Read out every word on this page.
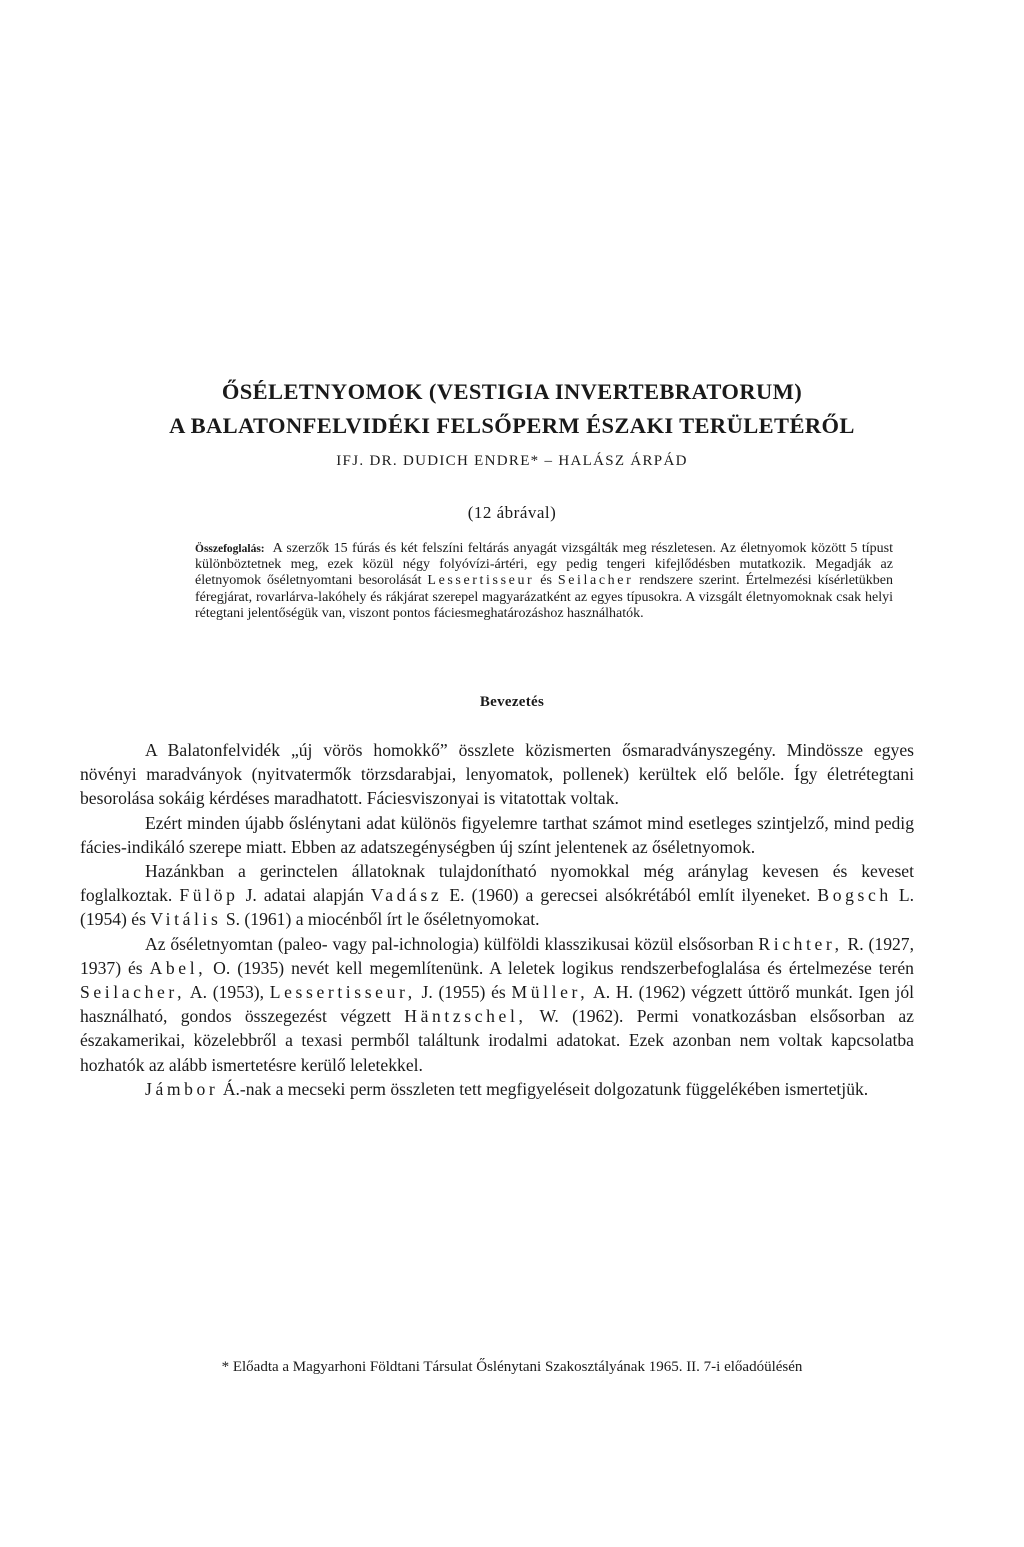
ŐSÉLETNYOMOK (VESTIGIA INVERTEBRATORUM)
A BALATONFELVIDÉKI FELSŐPERM ÉSZAKI TERÜLETÉRŐL
IFJ. DR. DUDICH ENDRE* – HALÁSZ ÁRPÁD
(12 ábrával)
Összefoglalás: A szerzők 15 fúrás és két felszíni feltárás anyagát vizsgálták meg részletesen. Az életnyomok között 5 típust különböztetnek meg, ezek közül négy folyóvízi-ártéri, egy pedig tengeri kifejlődésben mutatkozik. Megadják az életnyomok őséletnyomtani besorolását Lessertisseur és Seilacher rendszere szerint. Értelmezési kísérletükben féregjárat, rovarlárva-lakóhely és rákjárat szerepel magyarázatként az egyes típusokra. A vizsgált életnyomoknak csak helyi rétegtani jelentőségük van, viszont pontos fáciesmeghatározáshoz használhatók.
Bevezetés

A Balatonfelvidék „új vörös homokkő” összlete közismerten ősmaradványszegény. Mindössze egyes növényi maradványok (nyitvatermők törzsdarabjai, lenyomatok, pollenek) kerültek elő belőle. Így életrétegtani besorolása sokáig kérdéses maradhatott. Fáciesviszonyai is vitatottak voltak.

Ezért minden újabb őslénytani adat különös figyelemre tarthat számot mind esetleges szintjelző, mind pedig fácies-indikáló szerepe miatt. Ebben az adatszegénységben új színt jelentenek az őséletnyomok.

Hazánkban a gerinctelen állatoknak tulajdonítható nyomokkal még aránylag kevesen és keveset foglalkoztak. Fülöp J. adatai alapján Vadász E. (1960) a gerecsei alsókrétából említ ilyeneket. Bogsch L. (1954) és Vitális S. (1961) a miocénből írt le őséletnyomokat.

Az őséletnyomtan (paleo- vagy pal-ichnologia) külföldi klasszikusai közül elsősorban Richter, R. (1927, 1937) és Abel, O. (1935) nevét kell megemlítenünk. A leletek logikus rendszerbefoglalása és értelmezése terén Seilacher, A. (1953), Lessertisseur, J. (1955) és Müller, A. H. (1962) végzett úttörő munkát. Igen jól használható, gondos összegezést végzett Häntzschel, W. (1962). Permi vonatkozásban elsősorban az északamerikai, közelebbről a texasi permből találtunk irodalmi adatokat. Ezek azonban nem voltak kapcsolatba hozhatók az alább ismertetésre kerülő leletekkel.

Jámbor Á.-nak a mecseki perm összleten tett megfigyeléseit dolgozatunk függelékében ismertetjük.

* Előadta a Magyarhoni Földtani Társulat Őslénytani Szakosztályának 1965. II. 7-i előadóülésén
